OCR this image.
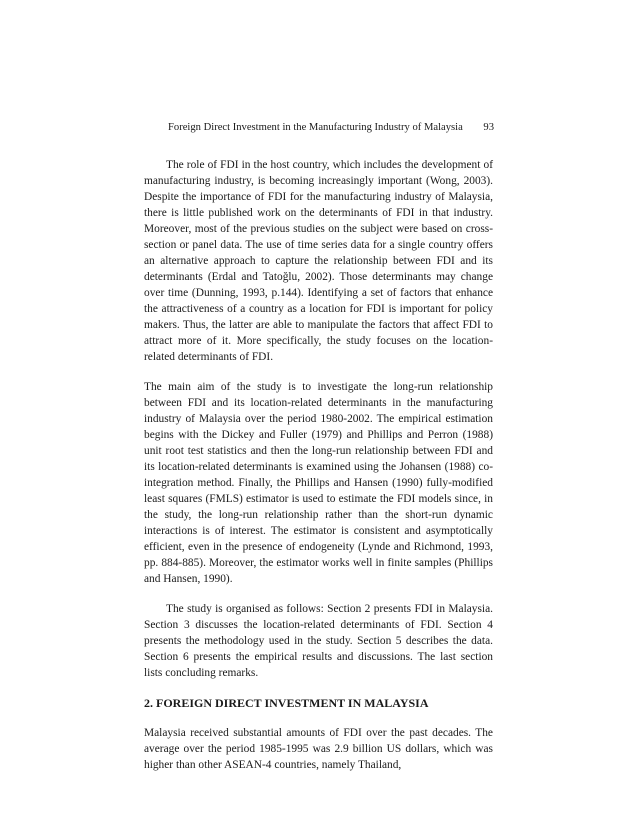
Foreign Direct Investment in the Manufacturing Industry of Malaysia 93

The role of FDI in the host country, which includes the development of manufacturing industry, is becoming increasingly important (Wong, 2003). Despite the importance of FDI for the manufacturing industry of Malaysia, there is little published work on the determinants of FDI in that industry. Moreover, most of the previous studies on the subject were based on cross-section or panel data. The use of time series data for a single country offers an alternative approach to capture the relationship between FDI and its determinants (Erdal and Tatoğlu, 2002). Those determinants may change over time (Dunning, 1993, p.144). Identifying a set of factors that enhance the attractiveness of a country as a location for FDI is important for policy makers. Thus, the latter are able to manipulate the factors that affect FDI to attract more of it. More specifically, the study focuses on the location-related determinants of FDI.

The main aim of the study is to investigate the long-run relationship between FDI and its location-related determinants in the manufacturing industry of Malaysia over the period 1980-2002. The empirical estimation begins with the Dickey and Fuller (1979) and Phillips and Perron (1988) unit root test statistics and then the long-run relationship between FDI and its location-related determinants is examined using the Johansen (1988) co-integration method. Finally, the Phillips and Hansen (1990) fully-modified least squares (FMLS) estimator is used to estimate the FDI models since, in the study, the long-run relationship rather than the short-run dynamic interactions is of interest. The estimator is consistent and asymptotically efficient, even in the presence of endogeneity (Lynde and Richmond, 1993, pp. 884-885). Moreover, the estimator works well in finite samples (Phillips and Hansen, 1990).

The study is organised as follows: Section 2 presents FDI in Malaysia. Section 3 discusses the location-related determinants of FDI. Section 4 presents the methodology used in the study. Section 5 describes the data. Section 6 presents the empirical results and discussions. The last section lists concluding remarks.

2. FOREIGN DIRECT INVESTMENT IN MALAYSIA

Malaysia received substantial amounts of FDI over the past decades. The average over the period 1985-1995 was 2.9 billion US dollars, which was higher than other ASEAN-4 countries, namely Thailand,
